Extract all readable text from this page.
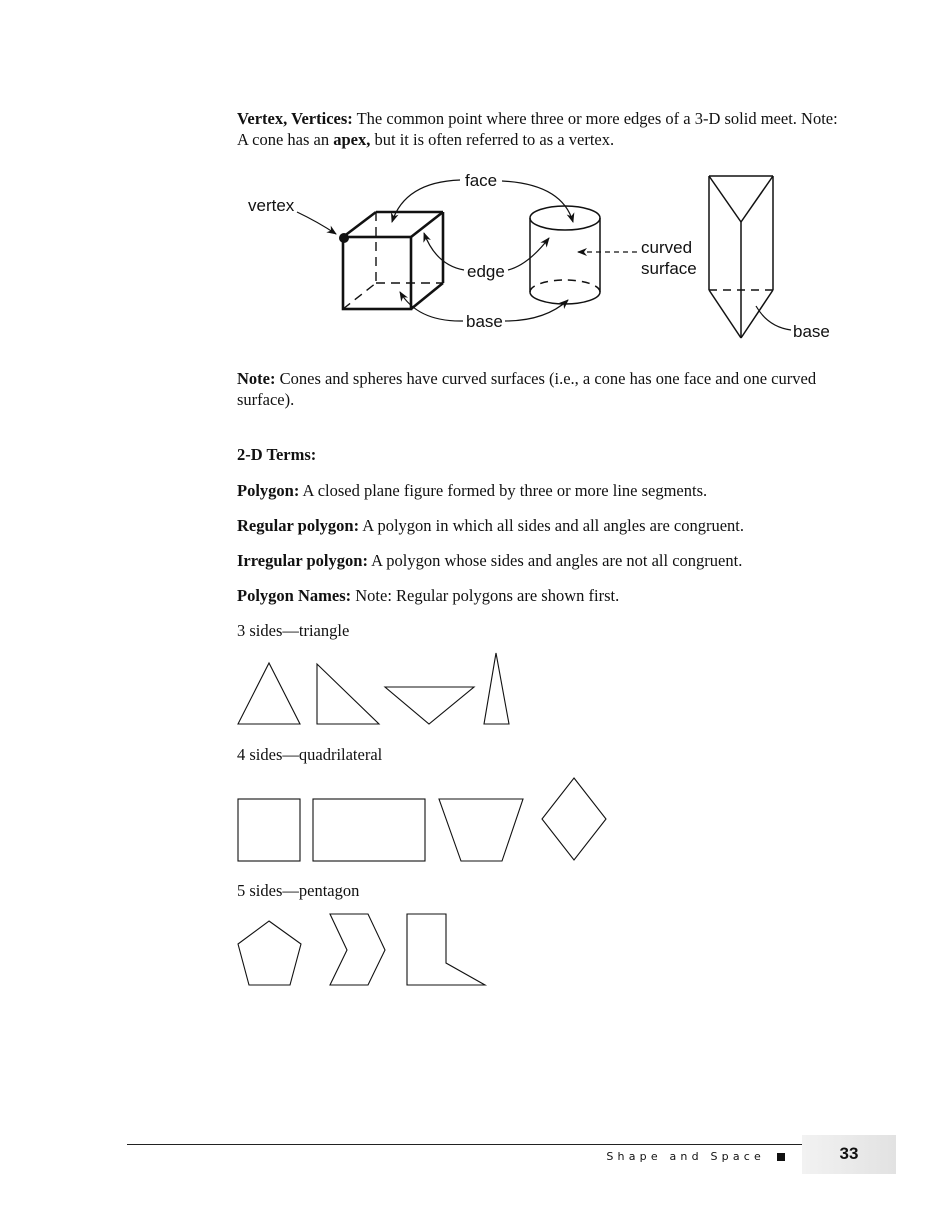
Vertex, Vertices: The common point where three or more edges of a 3-D solid meet. Note: A cone has an apex, but it is often referred to as a vertex.
vertex
face
edge
base
curved
surface
base
Note: Cones and spheres have curved surfaces (i.e., a cone has one face and one curved surface).
2-D Terms:
Polygon: A closed plane figure formed by three or more line segments.
Regular polygon: A polygon in which all sides and all angles are congruent.
Irregular polygon: A polygon whose sides and angles are not all congruent.
Polygon Names: Note: Regular polygons are shown first.
3 sides—triangle
4 sides—quadrilateral
5 sides—pentagon
Shape and Space	33
